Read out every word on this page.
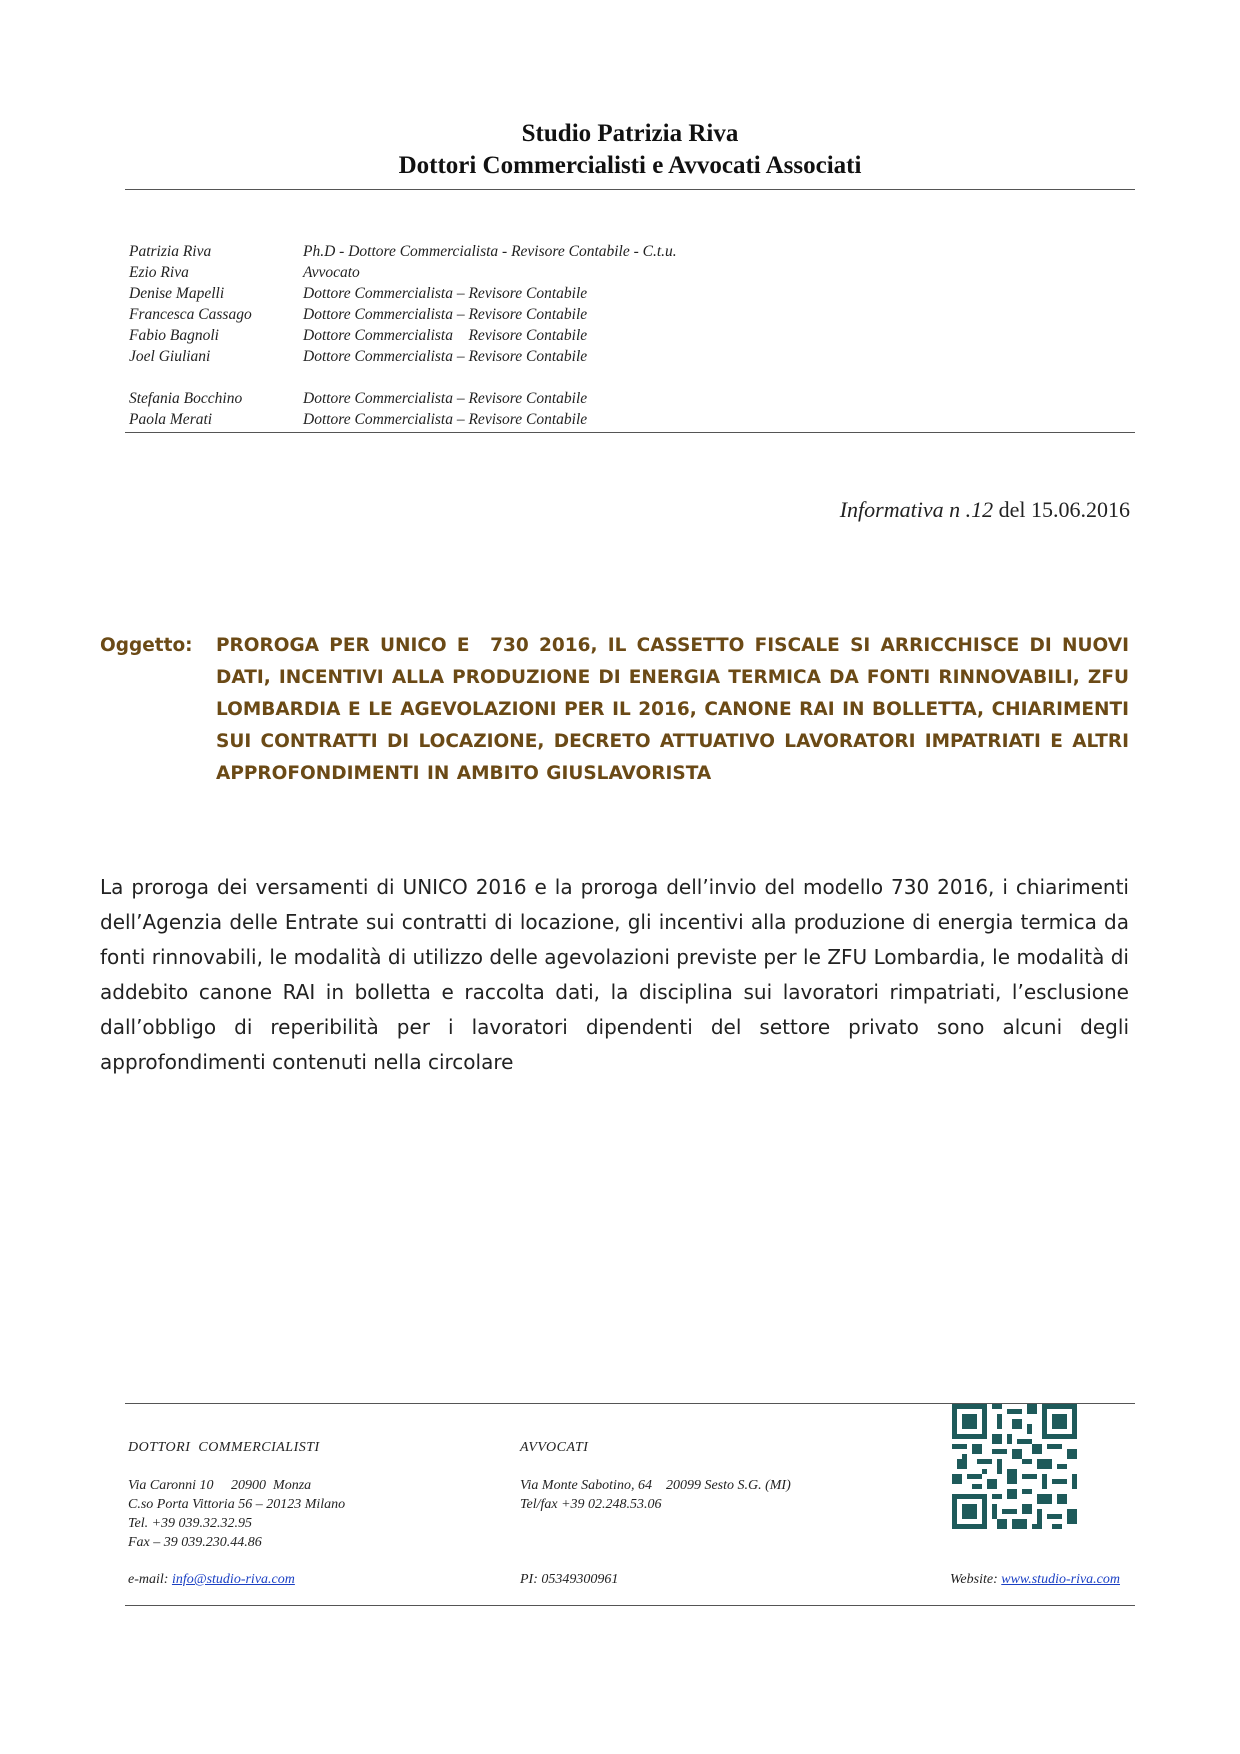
Studio Patrizia Riva
Dottori Commercialisti e Avvocati Associati
Patrizia Riva	Ph.D - Dottore Commercialista - Revisore Contabile - C.t.u.
Ezio Riva	Avvocato
Denise Mapelli	Dottore Commercialista – Revisore Contabile
Francesca Cassago	Dottore Commercialista – Revisore Contabile
Fabio Bagnoli	Dottore Commercialista    Revisore Contabile
Joel Giuliani	Dottore Commercialista – Revisore Contabile
Stefania Bocchino	Dottore Commercialista – Revisore Contabile
Paola Merati	Dottore Commercialista – Revisore Contabile
Informativa n .12 del 15.06.2016
Oggetto: PROROGA PER UNICO E  730 2016, IL CASSETTO FISCALE SI ARRICCHISCE DI NUOVI DATI, INCENTIVI ALLA PRODUZIONE DI ENERGIA TERMICA DA FONTI RINNOVABILI, ZFU LOMBARDIA E LE AGEVOLAZIONI PER IL 2016, CANONE RAI IN BOLLETTA, CHIARIMENTI SUI CONTRATTI DI LOCAZIONE, DECRETO ATTUATIVO LAVORATORI IMPATRIATI E ALTRI APPROFONDIMENTI IN AMBITO GIUSLAVORISTA
La proroga dei versamenti di UNICO 2016 e la proroga dell’invio del modello 730 2016, i chiarimenti dell’Agenzia delle Entrate sui contratti di locazione, gli incentivi alla produzione di energia termica da fonti rinnovabili, le modalità di utilizzo delle agevolazioni previste per le ZFU Lombardia, le modalità di addebito canone RAI in bolletta e raccolta dati, la disciplina sui lavoratori rimpatriati, l’esclusione dall’obbligo di reperibilità per i lavoratori dipendenti del settore privato sono alcuni degli approfondimenti contenuti nella circolare
DOTTORI  COMMERCIALISTI
Via Caronni 10     20900  Monza
C.so Porta Vittoria 56 – 20123 Milano
Tel. +39 039.32.32.95
Fax – 39 039.230.44.86
AVVOCATI
Via Monte Sabotino, 64    20099 Sesto S.G. (MI)
Tel/fax +39 02.248.53.06
e-mail: info@studio-riva.com	PI: 05349300961	Website: www.studio-riva.com
